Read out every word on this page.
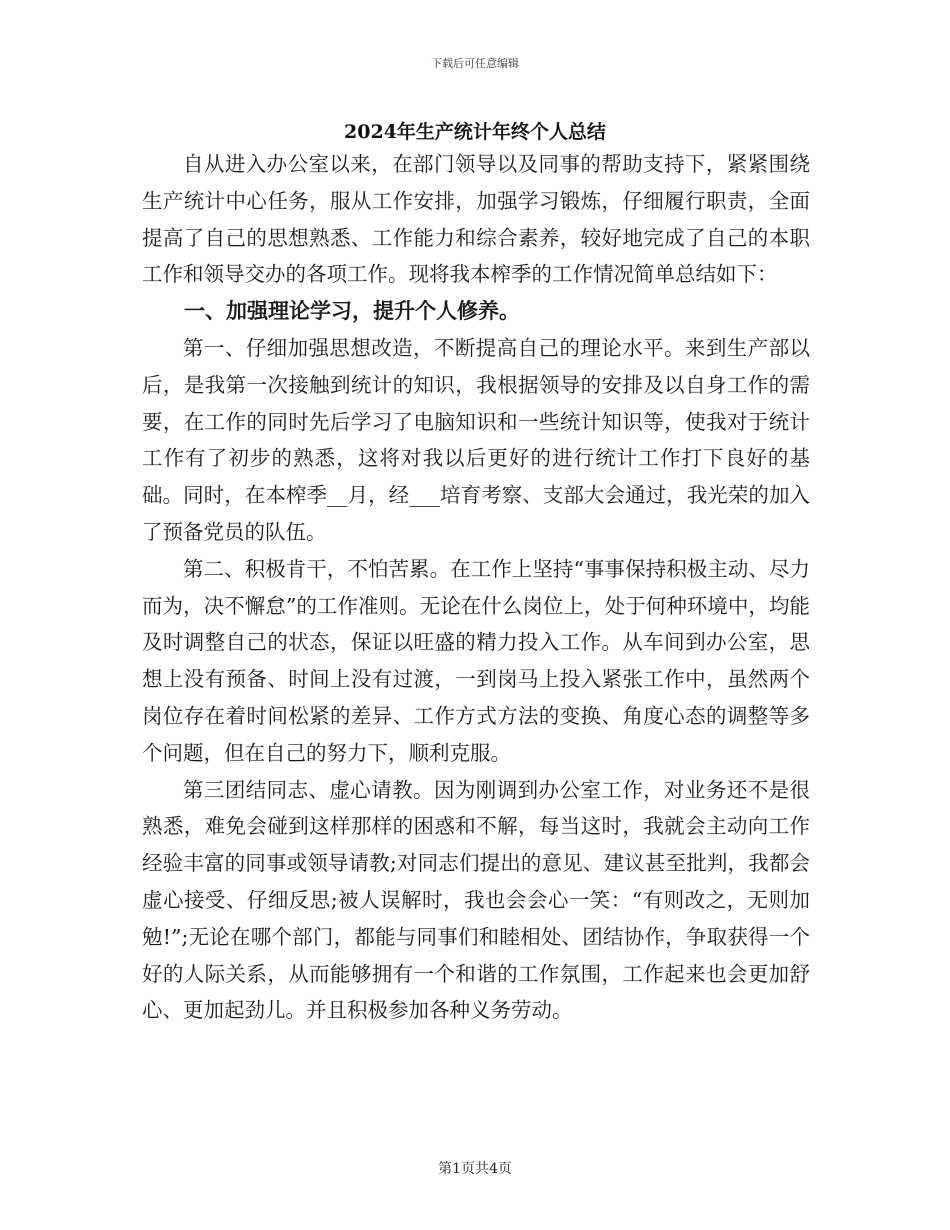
下载后可任意编辑
2024年生产统计年终个人总结

自从进入办公室以来，在部门领导以及同事的帮助支持下，紧紧围绕生产统计中心任务，服从工作安排，加强学习锻炼，仔细履行职责，全面提高了自己的思想熟悉、工作能力和综合素养，较好地完成了自己的本职工作和领导交办的各项工作。现将我本榨季的工作情况简单总结如下：

一、加强理论学习，提升个人修养。

第一、仔细加强思想改造，不断提高自己的理论水平。来到生产部以后，是我第一次接触到统计的知识，我根据领导的安排及以自身工作的需要，在工作的同时先后学习了电脑知识和一些统计知识等，使我对于统计工作有了初步的熟悉，这将对我以后更好的进行统计工作打下良好的基础。同时，在本榨季__月，经___培育考察、支部大会通过，我光荣的加入了预备党员的队伍。

第二、积极肯干，不怕苦累。在工作上坚持“事事保持积极主动、尽力而为，决不懈怠”的工作准则。无论在什么岗位上，处于何种环境中，均能及时调整自己的状态，保证以旺盛的精力投入工作。从车间到办公室，思想上没有预备、时间上没有过渡，一到岗马上投入紧张工作中，虽然两个岗位存在着时间松紧的差异、工作方式方法的变换、角度心态的调整等多个问题，但在自己的努力下，顺利克服。

第三团结同志、虚心请教。因为刚调到办公室工作，对业务还不是很熟悉，难免会碰到这样那样的困惑和不解，每当这时，我就会主动向工作经验丰富的同事或领导请教;对同志们提出的意见、建议甚至批判，我都会虚心接受、仔细反思;被人误解时，我也会会心一笑：“有则改之，无则加勉!”;无论在哪个部门，都能与同事们和睦相处、团结协作，争取获得一个好的人际关系，从而能够拥有一个和谐的工作氛围，工作起来也会更加舒心、更加起劲儿。并且积极参加各种义务劳动。

第1页共4页
